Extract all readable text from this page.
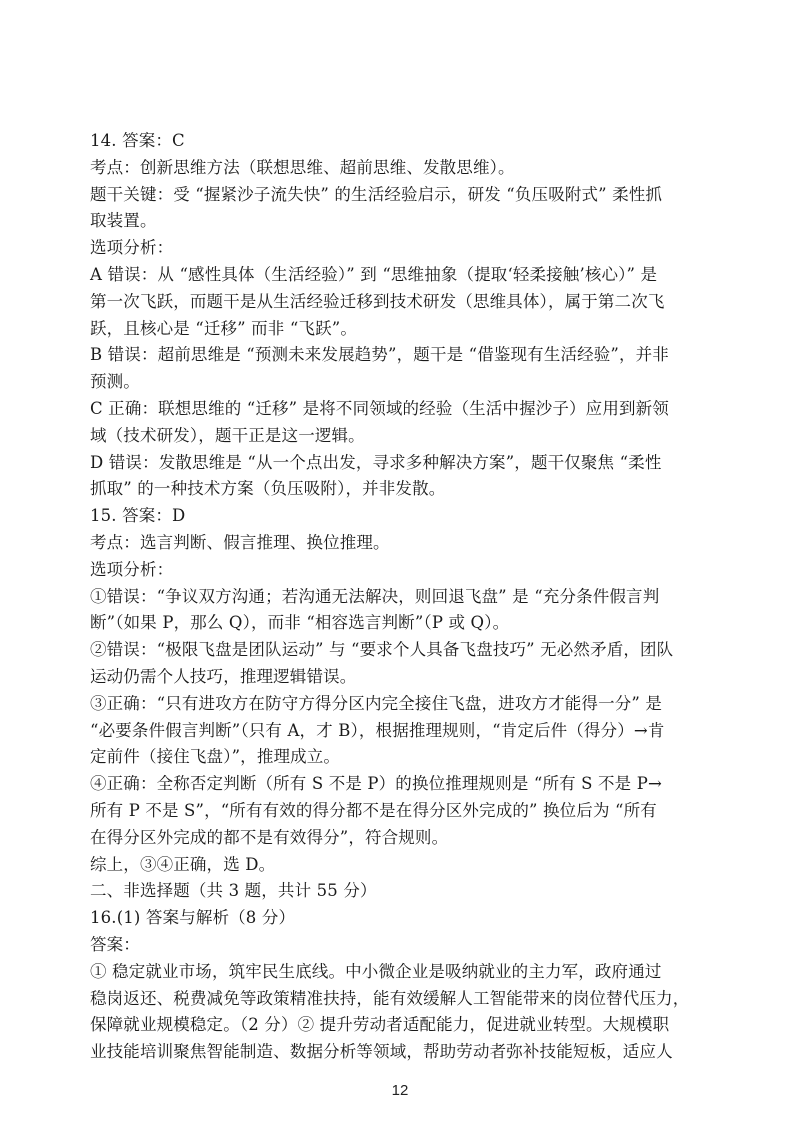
14. 答案：C
考点：创新思维方法（联想思维、超前思维、发散思维）。
题干关键：受 “握紧沙子流失快” 的生活经验启示，研发 “负压吸附式” 柔性抓
取装置。
选项分析：
A 错误：从 “感性具体（生活经验）” 到 “思维抽象（提取‘轻柔接触’核心）” 是
第一次飞跃，而题干是从生活经验迁移到技术研发（思维具体），属于第二次飞
跃，且核心是 “迁移” 而非 “飞跃”。
B 错误：超前思维是 “预测未来发展趋势”，题干是 “借鉴现有生活经验”，并非
预测。
C 正确：联想思维的 “迁移” 是将不同领域的经验（生活中握沙子）应用到新领
域（技术研发），题干正是这一逻辑。
D 错误：发散思维是 “从一个点出发，寻求多种解决方案”，题干仅聚焦 “柔性
抓取” 的一种技术方案（负压吸附），并非发散。
15. 答案：D
考点：选言判断、假言推理、换位推理。
选项分析：
①错误：“争议双方沟通；若沟通无法解决，则回退飞盘” 是 “充分条件假言判
断”（如果 P，那么 Q），而非 “相容选言判断”（P 或 Q）。
②错误：“极限飞盘是团队运动” 与 “要求个人具备飞盘技巧” 无必然矛盾，团队
运动仍需个人技巧，推理逻辑错误。
③正确：“只有进攻方在防守方得分区内完全接住飞盘，进攻方才能得一分” 是
“必要条件假言判断”（只有 A，才 B），根据推理规则，“肯定后件（得分）→肯
定前件（接住飞盘）”，推理成立。
④正确：全称否定判断（所有 S 不是 P）的换位推理规则是 “所有 S 不是 P→
所有 P 不是 S”，“所有有效的得分都不是在得分区外完成的” 换位后为 “所有
在得分区外完成的都不是有效得分”，符合规则。
综上，③④正确，选 D。
二、非选择题（共 3 题，共计 55 分）
16.(1) 答案与解析（8 分）
答案：
① 稳定就业市场，筑牢民生底线。中小微企业是吸纳就业的主力军，政府通过
稳岗返还、税费减免等政策精准扶持，能有效缓解人工智能带来的岗位替代压力，
保障就业规模稳定。（2 分）② 提升劳动者适配能力，促进就业转型。大规模职
业技能培训聚焦智能制造、数据分析等领域，帮助劳动者弥补技能短板，适应人
12
